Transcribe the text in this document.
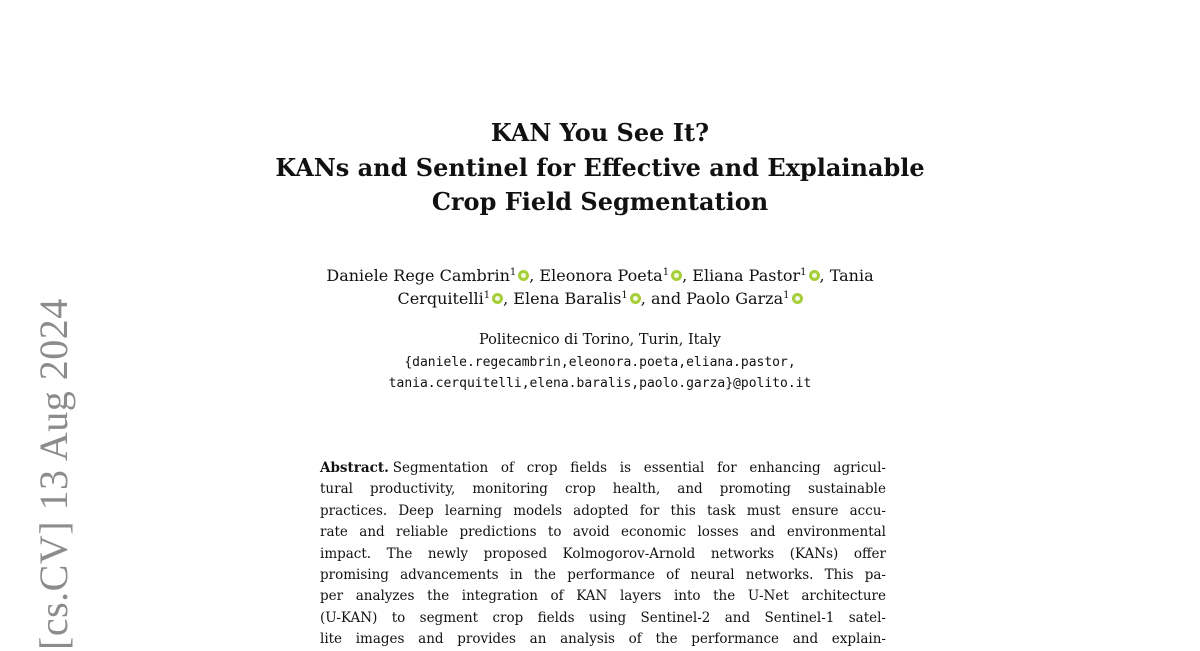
[cs.CV] 13 Aug 2024
KAN You See It?
KANs and Sentinel for Effective and Explainable
Crop Field Segmentation
Daniele Rege Cambrin$^1$ , Eleonora Poeta$^1$ , Eliana Pastor$^1$ , Tania
Cerquitelli$^1$ , Elena Baralis$^1$ , and Paolo Garza$^1$
Politecnico di Torino, Turin, Italy
{daniele.regecambrin,eleonora.poeta,eliana.pastor,
tania.cerquitelli,elena.baralis,paolo.garza}@polito.it
Abstract. Segmentation of crop fields is essential for enhancing agricul-
tural productivity, monitoring crop health, and promoting sustainable
practices. Deep learning models adopted for this task must ensure accu-
rate and reliable predictions to avoid economic losses and environmental
impact. The newly proposed Kolmogorov-Arnold networks (KANs) offer
promising advancements in the performance of neural networks. This pa-
per analyzes the integration of KAN layers into the U-Net architecture
(U-KAN) to segment crop fields using Sentinel-2 and Sentinel-1 satel-
lite images and provides an analysis of the performance and explain-
